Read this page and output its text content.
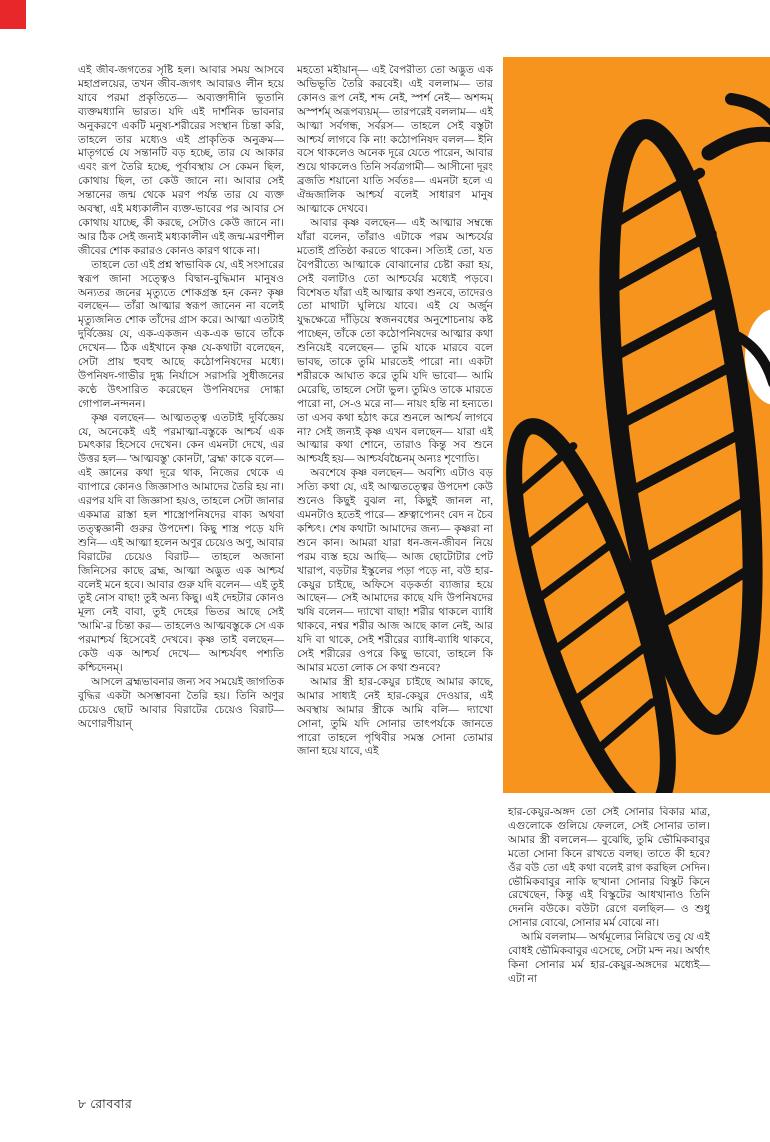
এই জীব-জগতের সৃষ্টি হল। আবার সময় আসবে মহাপ্রলয়ের, তখন জীব-জগৎ আবারও লীন হয়ে যাবে পরমা প্রকৃতিতে— অব্যক্তাদীনি ভূতানি ব্যক্তমধ্যানি ভারত। যদি এই দার্শনিক ভাবনার অনুকরণে একটি মনুষ্য-শরীরের সংস্থান চিন্তা করি, তাহলে তার মধ্যেও এই প্রাকৃতিক অনুক্রম— মাতৃগর্ভে যে সন্তানটি বড় হচ্ছে, তার যে আকার এবং রূপ তৈরি হচ্ছে, পূর্বাবস্থায় সে কেমন ছিল, কোথায় ছিল, তা কেউ জানে না। আবার সেই সন্তানের জন্ম থেকে মরণ পর্যন্ত তার যে ব্যক্ত অবস্থা, এই মধ্যকালীন ব্যক্ত-ভাবের পর আবার সে কোথায় যাচ্ছে, কী করছে, সেটাও কেউ জানে না। আর ঠিক সেই জন্যই মধ্যকালীন এই জন্ম-মরণশীল জীবের শোক করারও কোনও কারণ থাকে না।

তাহলে তো এই প্রশ্ন স্বাভাবিক যে, এই সংসারের স্বরূপ জানা সত্ত্বেও বিদ্বান-বুদ্ধিমান মানুষও অন্যতর জনের মৃত্যুতে শোকগ্রস্ত হন কেন? কৃষ্ণ বলছেন— তাঁরা আত্মার স্বরূপ জানেন না বলেই মৃত্যুজনিত শোক তাঁদের গ্রাস করে। আত্মা এতটাই দুর্বিজ্ঞেয় যে, এক-একজন এক-এক ভাবে তাঁকে দেখেন— ঠিক এইখানে কৃষ্ণ যে-কথাটা বলেছেন, সেটা প্রায় হুবহু আছে কঠোপনিষদের মধ্যে। উপনিষদ-গাভীর দুগ্ধ নির্যাসে সরাসরি সুধীজনের কণ্ঠে উৎসারিত করেছেন উপনিষদের দোগ্ধা গোপাল-নন্দনন।

কৃষ্ণ বলছেন— আত্মতত্ত্ব এতটাই দুর্বিজ্ঞেয় যে, অনেকেই এই পরমাত্মা-বস্তুকে আশ্চর্য এক চমৎকার হিসেবে দেখেন। কেন এমনটা দেখে, এর উত্তর হল— 'আত্মবস্তু' কোনটা, 'ব্রহ্ম' কাকে বলে— এই জ্ঞানের কথা দূরে থাক, নিজের থেকে এ ব্যাপারে কোনও জিজ্ঞাসাও আমাদের তৈরি হয় না। এরপর যদি বা জিজ্ঞাসা হয়ও, তাহলে সেটা জানার একমাত্র রাস্তা হল শাস্ত্রোপনিষদের বাক্য অথবা তত্ত্বজ্ঞানী গুরুর উপদেশ। কিছু শাস্ত্র পড়ে যদি শুনি— এই আত্মা হলেন অণুর চেয়েও অণু, আবার বিরাটের চেয়েও বিরাট— তাহলে অজানা জিনিসের কাছে ব্রহ্ম, আত্মা অদ্ভুত এক আশ্চর্য বলেই মনে হবে। আবার গুরু যদি বলেন— এই তুই তুই নোস বাছা! তুই অন্য কিছু। এই দেহটার কোনও মূল্য নেই বাবা, তুই দেহের ভিতর আছে সেই 'আমি'-র চিন্তা কর— তাহলেও আত্মবস্তুকে সে এক পরমাশ্চর্য হিসেবেই দেখবে। কৃষ্ণ তাই বলছেন— কেউ এক আশ্চর্য দেখে— আশ্চর্যবৎ পশ্যতি কশ্চিদেনম্‌।

আসলে ব্রহ্মভাবনার জন্য সব সময়েই জাগতিক বুদ্ধির একটা অসম্ভাবনা তৈরি হয়। তিনি অণুর চেয়েও ছোট আবার বিরাটের চেয়েও বিরাট— অণোরণীয়ান্‌

মহতো মহীয়ান্‌— এই বৈপরীত্য তো অদ্ভুত এক অভিভূতি তৈরি করবেই। এই বললাম— তার কোনও রূপ নেই, শব্দ নেই, স্পর্শ নেই— অশব্দম্ অস্পর্শম্ অরূপব্যয়ম্— তারপরেই বললাম— এই আত্মা সর্বগন্ধ, সর্বরস— তাহলে সেই বস্তুটা আশ্চর্য লাগবে কি না! কঠোপনিষদ বলল— ইনি বসে থাকলেও অনেক দূরে যেতে পারেন, আবার শুয়ে থাকলেও তিনি সর্বত্রগামী— আসীনো দূরং ব্রজতি শয়ানো যাতি সর্বতঃ— এমনটা হলে এ ঐন্দ্রজালিক আশ্চর্য বলেই সাধারণ মানুষ আত্মাকে দেখবে।

আবার কৃষ্ণ বলছেন— এই আত্মার সম্বন্ধে যাঁরা বলেন, তাঁরাও এটাকে পরম আশ্চর্যের মতোই প্রতিষ্ঠা করতে থাকেন। সত্যিই তো, যত বৈপরীত্যে আত্মাকে বোঝানোর চেষ্টা করা হয়, সেই বলাটাও তো আশ্চর্যের মধ্যেই পড়বে। বিশেষত যাঁরা এই আত্মার কথা শুনবে, তাদেরও তো মাথাটা ঘুলিয়ে যাবে। এই যে অর্জুন যুদ্ধক্ষেত্রে দাঁড়িয়ে স্বজনবধের অনুশোচনায় কষ্ট পাচ্ছেন, তাঁকে তো কঠোপনিষদের আত্মার কথা শুনিয়েই বলেছেন— তুমি যাকে মারবে বলে ভাবছ, তাকে তুমি মারতেই পারো না। একটা শরীরকে আঘাত করে তুমি যদি ভাবো— আমি মেরেছি, তাহলে সেটা ভুল। তুমিও তাকে মারতে পারো না, সে-ও মরে না— নায়ং হন্তি না হন্যতে। তা এসব কথা হঠাৎ করে শুনলে আশ্চর্য লাগবে না? সেই জন্যই কৃষ্ণ এখন বলছেন— যারা এই আত্মার কথা শোনে, তারাও কিন্তু সব শুনে আশ্চর্যই হয়— আশ্চর্যবচ্চৈনম্ অন্যঃ শৃণোতি।

অবশেষে কৃষ্ণ বলছেন— অবশ্যি এটাও বড় সত্যি কথা যে, এই আত্মতত্ত্বের উপদেশ কেউ শুনেও কিছুই বুঝল না, কিছুই জানল না, এমনটাও হতেই পারে— শ্রুত্বাপ্যেনং বেদ ন চৈব কশ্চিৎ। শেষ কথাটা আমাদের জন্য— কৃষ্ণরা না শুনে কান। আমরা যারা ধন-জন-জীবন নিয়ে পরম ব্যস্ত হয়ে আছি— আজ ছোটোটার পেট খারাপ, বড়টার ইস্কুলের পড়া পড়ে না, বউ হার-কেয়ুর চাইছে, অফিসে বড়কর্তা ব্যাজার হয়ে আছেন— সেই আমাদের কাছে যদি উপনিষদের ঋষি বলেন— দ্যাখো বাছা! শরীর থাকলে ব্যাধি থাকবে, নশ্বর শরীর আজ আছে কাল নেই, আর যদি বা থাকে, সেই শরীরের ব্যাধি-ব্যাধি থাকবে, সেই শরীরের ওপরে কিছু ভাবো, তাহলে কি আমার মতো লোক সে কথা শুনবে?

আমার স্ত্রী হার-কেয়ুর চাইছে আমার কাছে, আমার সাধ্যই নেই হার-কেয়ুর দেওয়ার, এই অবস্থায় আমার স্ত্রীকে আমি বলি— দ্যাখো সোনা, তুমি যদি সোনার তাৎপর্যকে জানতে পারো তাহলে পৃথিবীর সমস্ত সোনা তোমার জানা হয়ে যাবে, এই

হার-কেয়ুর-অঙ্গদ তো সেই সোনার বিকার মাত্র, এগুলোকে গুলিয়ে ফেললে, সেই সোনার তাল। আমার স্ত্রী বললেন— বুঝেছি, তুমি ভৌমিকবাবুর মতো সোনা কিনে রাখতে বলছ। তাতে কী হবে? ওঁর বউ তো এই কথা বলেই রাগ করছিল সেদিন। ভৌমিকবাবুর নাকি ছ'খানা সোনার বিস্কুট কিনে রেখেছেন, কিন্তু এই বিস্কুটের আধখানাও তিনি দেননি বউকে। বউটা রেগে বলছিল— ও শুধু সোনার বোঝে, সোনার মর্ম বোঝে না।

আমি বললাম— অর্থমূল্যের নিরিখে তবু যে এই বোধই ভৌমিকবাবুর এসেছে, সেটা মন্দ নয়। অর্থাৎ কিনা সোনার মর্ম হার-কেয়ুর-অঙ্গদের মধ্যেই— এটা না

৮ রোববার
